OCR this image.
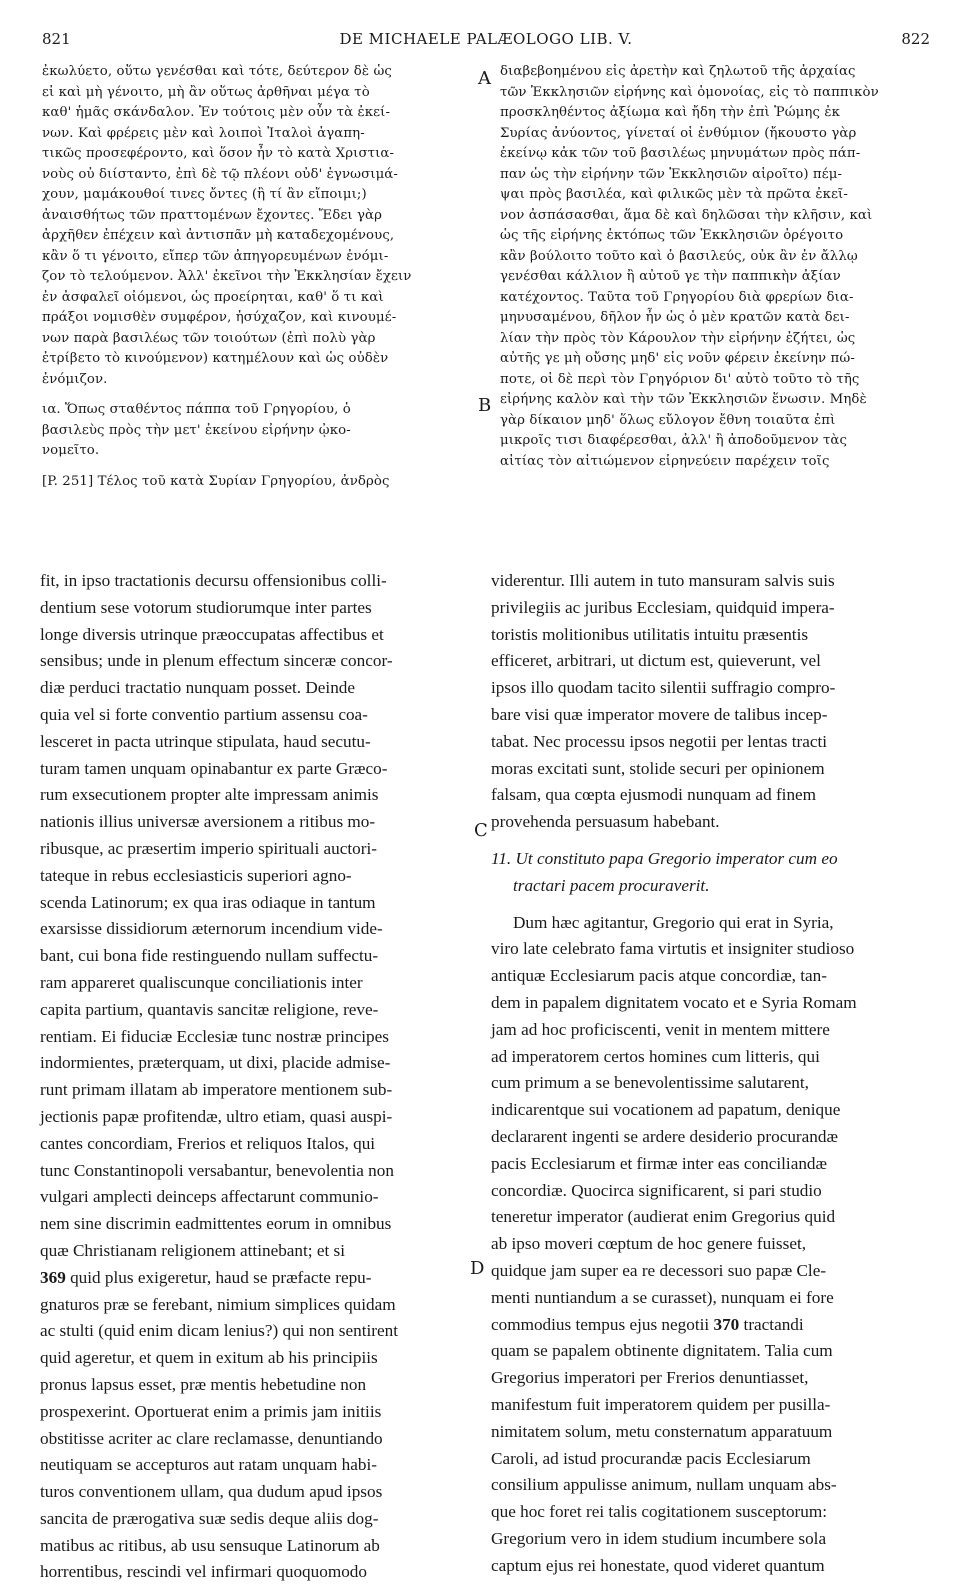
821	DE MICHAELE PALÆOLOGO LIB. V.	822

ἐκωλύετο, οὕτω γενέσθαι καὶ τότε, δεύτερον δὲ ὡς
εἰ καὶ μὴ γένοιτο, μὴ ἂν οὕτως ἀρθῆναι μέγα τὸ
καθ' ἡμᾶς σκάνδαλον. Ἐν τούτοις μὲν οὖν τὰ ἐκεί-
νων. Καὶ φρέρεις μὲν καὶ λοιποὶ Ἰταλοὶ ἀγαπη-
τικῶς προσεφέροντο, καὶ ὅσον ἦν τὸ κατὰ Χριστια-
νοὺς οὐ διίσταντο, ἐπὶ δὲ τῷ πλέονι οὐδ' ἐγνωσιμά-
χουν, μαμάκουθοί τινες ὄντες (ἢ τί ἂν εἴποιμι;)
ἀναισθήτως τῶν πραττομένων ἔχοντες. Ἔδει γὰρ
ἀρχῆθεν ἐπέχειν καὶ ἀντισπᾶν μὴ καταδεχομένους,
κἂν ὅ τι γένοιτο, εἴπερ τῶν ἀπηγορευμένων ἐνόμι-
ζον τὸ τελούμενον. Ἀλλ' ἐκεῖνοι τὴν Ἐκκλησίαν ἔχειν
ἐν ἀσφαλεῖ οἰόμενοι, ὡς προείρηται, καθ' ὅ τι καὶ
πράξοι νομισθὲν συμφέρον, ἡσύχαζον, καὶ κινουμέ-
νων παρὰ βασιλέως τῶν τοιούτων (ἐπὶ πολὺ γὰρ
ἐτρίβετο τὸ κινούμενον) κατημέλουν καὶ ὡς οὐδὲν
ἐνόμιζον.

ια. Ὅπως σταθέντος πάππα τοῦ Γρηγορίου, ὁ
βασιλεὺς πρὸς τὴν μετ' ἐκείνου εἰρήνην ᾠκο-
νομεῖτο.

[P. 251] Τέλος τοῦ κατὰ Συρίαν Γρηγορίου, ἀνδρὸς

διαβεβοημένου εἰς ἀρετὴν καὶ ζηλωτοῦ τῆς ἀρχαίας
τῶν Ἐκκλησιῶν εἰρήνης καὶ ὁμονοίας, εἰς τὸ παππικὸν
προσκληθέντος ἀξίωμα καὶ ἤδη τὴν ἐπὶ Ῥώμης ἐκ
Συρίας ἀνύοντος, γίνεταί οἱ ἐνθύμιον (ἤκουστο γὰρ
ἐκείνῳ κἀκ τῶν τοῦ βασιλέως μηνυμάτων πρὸς πάπ-
παν ὡς τὴν εἰρήνην τῶν Ἐκκλησιῶν αἱροῖτο) πέμ-
ψαι πρὸς βασιλέα, καὶ φιλικῶς μὲν τὰ πρῶτα ἐκεῖ-
νον ἀσπάσασθαι, ἅμα δὲ καὶ δηλῶσαι τὴν κλῆσιν, καὶ
ὡς τῆς εἰρήνης ἐκτόπως τῶν Ἐκκλησιῶν ὀρέγοιτο
κἂν βούλοιτο τοῦτο καὶ ὁ βασιλεύς, οὐκ ἂν ἐν ἄλλῳ
γενέσθαι κάλλιον ἢ αὐτοῦ γε τὴν παππικὴν ἀξίαν
κατέχοντος. Ταῦτα τοῦ Γρηγορίου διὰ φρερίων δια-
μηνυσαμένου, δῆλον ἦν ὡς ὁ μὲν κρατῶν κατὰ δει-
λίαν τὴν πρὸς τὸν Κάρουλον τὴν εἰρήνην ἐζήτει, ὡς
αὐτῆς γε μὴ οὔσης μηδ' εἰς νοῦν φέρειν ἐκείνην πώ-
ποτε, οἱ δὲ περὶ τὸν Γρηγόριον δι' αὐτὸ τοῦτο τὸ τῆς
εἰρήνης καλὸν καὶ τὴν τῶν Ἐκκλησιῶν ἕνωσιν. Μηδὲ
γὰρ δίκαιον μηδ' ὅλως εὔλογον ἔθνη τοιαῦτα ἐπὶ
μικροῖς τισι διαφέρεσθαι, ἀλλ' ἢ ἀποδοῦμενον τὰς
αἰτίας τὸν αἰτιώμενον εἰρηνεύειν παρέχειν τοῖς

A
B
C
D

fit, in ipso tractationis decursu offensionibus colli-
dentium sese votorum studiorumque inter partes
longe diversis utrinque præoccupatas affectibus et
sensibus; unde in plenum effectum sinceræ concor-
diæ perduci tractatio nunquam posset. Deinde
quia vel si forte conventio partium assensu coa-
lesceret in pacta utrinque stipulata, haud secutu-
turam tamen unquam opinabantur ex parte Græco-
rum exsecutionem propter alte impressam animis
nationis illius universæ aversionem a ritibus mo-
ribusque, ac præsertim imperio spirituali auctori-
tateque in rebus ecclesiasticis superiori agno-
scenda Latinorum; ex qua iras odiaque in tantum
exarsisse dissidiorum æternorum incendium vide-
bant, cui bona fide restinguendo nullam suffectu-
ram appareret qualiscunque conciliationis inter
capita partium, quantavis sancitæ religione, reve-
rentiam. Ei fiduciæ Ecclesiæ tunc nostræ principes
indormientes, præterquam, ut dixi, placide admise-
runt primam illatam ab imperatore mentionem sub-
jectionis papæ profitendæ, ultro etiam, quasi auspi-
cantes concordiam, Frerios et reliquos Italos, qui
tunc Constantinopoli versabantur, benevolentia non
vulgari amplecti deinceps affectarunt communio-
nem sine discrimin eadmittentes eorum in omnibus
quæ Christianam religionem attinebant; et si
369 quid plus exigeretur, haud se præfacte repu-
gnaturos præ se ferebant, nimium simplices quidam
ac stulti (quid enim dicam lenius?) qui non sentirent
quid ageretur, et quem in exitum ab his principiis
pronus lapsus esset, præ mentis hebetudine non
prospexerint. Oportuerat enim a primis jam initiis
obstitisse acriter ac clare reclamasse, denuntiando
neutiquam se accepturos aut ratam unquam habi-
turos conventionem ullam, qua dudum apud ipsos
sancita de prærogativa suæ sedis deque aliis dog-
matibus ac ritibus, ab usu sensuque Latinorum ab
horrentibus, rescindi vel infirmari quoquomodo

viderentur. Illi autem in tuto mansuram salvis suis
privilegiis ac juribus Ecclesiam, quidquid impera-
toristis molitionibus utilitatis intuitu præsentis
efficeret, arbitrari, ut dictum est, quieverunt, vel
ipsos illo quodam tacito silentii suffragio compro-
bare visi quæ imperator movere de talibus incep-
tabat. Nec processu ipsos negotii per lentas tracti
moras excitati sunt, stolide securi per opinionem
falsam, qua cœpta ejusmodi nunquam ad finem
provehenda persuasum habebant.

11. Ut constituto papa Gregorio imperator cum eo
tractari pacem procuraverit.

Dum hæc agitantur, Gregorio qui erat in Syria,
viro late celebrato fama virtutis et insigniter studioso
antiquæ Ecclesiarum pacis atque concordiæ, tan-
dem in papalem dignitatem vocato et e Syria Romam
jam ad hoc proficiscenti, venit in mentem mittere
ad imperatorem certos homines cum litteris, qui
cum primum a se benevolentissime salutarent,
indicarentque sui vocationem ad papatum, denique
declararent ingenti se ardere desiderio procurandæ
pacis Ecclesiarum et firmæ inter eas conciliandæ
concordiæ. Quocirca significarent, si pari studio
teneretur imperator (audierat enim Gregorius quid
ab ipso moveri cœptum de hoc genere fuisset,
quidque jam super ea re decessori suo papæ Cle-
menti nuntiandum a se curasset), nunquam ei fore
commodius tempus ejus negotii 370 tractandi
quam se papalem obtinente dignitatem. Talia cum
Gregorius imperatori per Frerios denuntiasset,
manifestum fuit imperatorem quidem per pusilla-
nimitatem solum, metu consternatum apparatuum
Caroli, ad istud procurandæ pacis Ecclesiarum
consilium appulisse animum, nullam unquam abs-
que hoc foret rei talis cogitationem susceptorum:
Gregorium vero in idem studium incumbere sola
captum ejus rei honestate, quod videret quantum
